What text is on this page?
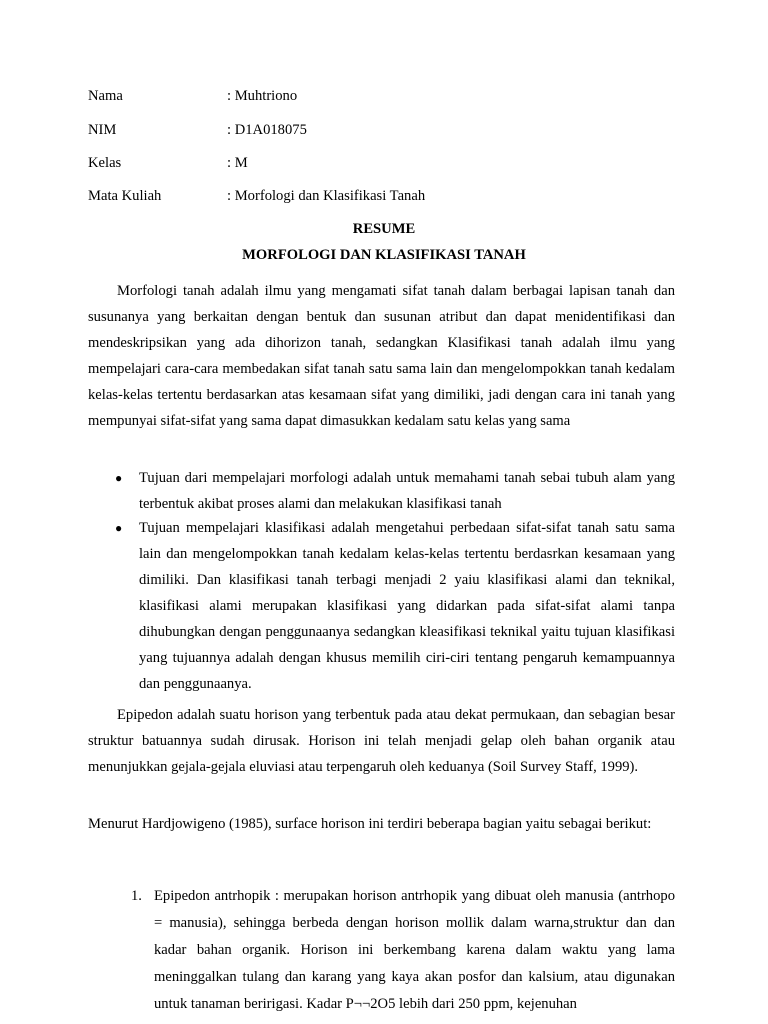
Nama	: Muhtriono
NIM	: D1A018075
Kelas	: M
Mata Kuliah	: Morfologi dan Klasifikasi Tanah
RESUME
MORFOLOGI DAN KLASIFIKASI TANAH

Morfologi tanah adalah ilmu yang mengamati sifat tanah dalam berbagai lapisan tanah dan susunanya yang berkaitan dengan bentuk dan susunan atribut dan dapat menidentifikasi dan mendeskripsikan yang ada dihorizon tanah, sedangkan Klasifikasi tanah adalah ilmu yang mempelajari cara-cara membedakan sifat tanah satu sama lain dan mengelompokkan tanah kedalam kelas-kelas tertentu berdasarkan atas kesamaan sifat yang dimiliki, jadi dengan cara ini tanah yang mempunyai sifat-sifat yang sama dapat dimasukkan kedalam satu kelas yang sama

● Tujuan dari mempelajari morfologi adalah untuk memahami tanah sebai tubuh alam yang terbentuk akibat proses alami dan melakukan klasifikasi tanah
● Tujuan mempelajari klasifikasi adalah mengetahui perbedaan sifat-sifat tanah satu sama lain dan mengelompokkan tanah kedalam kelas-kelas tertentu berdasrkan kesamaan yang dimiliki. Dan klasifikasi tanah terbagi menjadi 2 yaiu klasifikasi alami dan teknikal, klasifikasi alami merupakan klasifikasi yang didarkan pada sifat-sifat alami tanpa dihubungkan dengan penggunaanya sedangkan kleasifikasi teknikal yaitu tujuan klasifikasi yang tujuannya adalah dengan khusus memilih ciri-ciri tentang pengaruh kemampuannya dan penggunaanya.

Epipedon adalah suatu horison yang terbentuk pada atau dekat permukaan, dan sebagian besar struktur batuannya sudah dirusak. Horison ini telah menjadi gelap oleh bahan organik atau menunjukkan gejala-gejala eluviasi atau terpengaruh oleh keduanya (Soil Survey Staff, 1999).

Menurut Hardjowigeno (1985), surface horison ini terdiri beberapa bagian yaitu sebagai berikut:

1. Epipedon antrhopik : merupakan horison antrhopik yang dibuat oleh manusia (antrhopo = manusia), sehingga berbeda dengan horison mollik dalam warna,struktur dan dan kadar bahan organik. Horison ini berkembang karena dalam waktu yang lama meninggalkan tulang dan karang yang kaya akan posfor dan kalsium, atau digunakan untuk tanaman beririgasi. Kadar P¬¬2O5 lebih dari 250 ppm, kejenuhan
